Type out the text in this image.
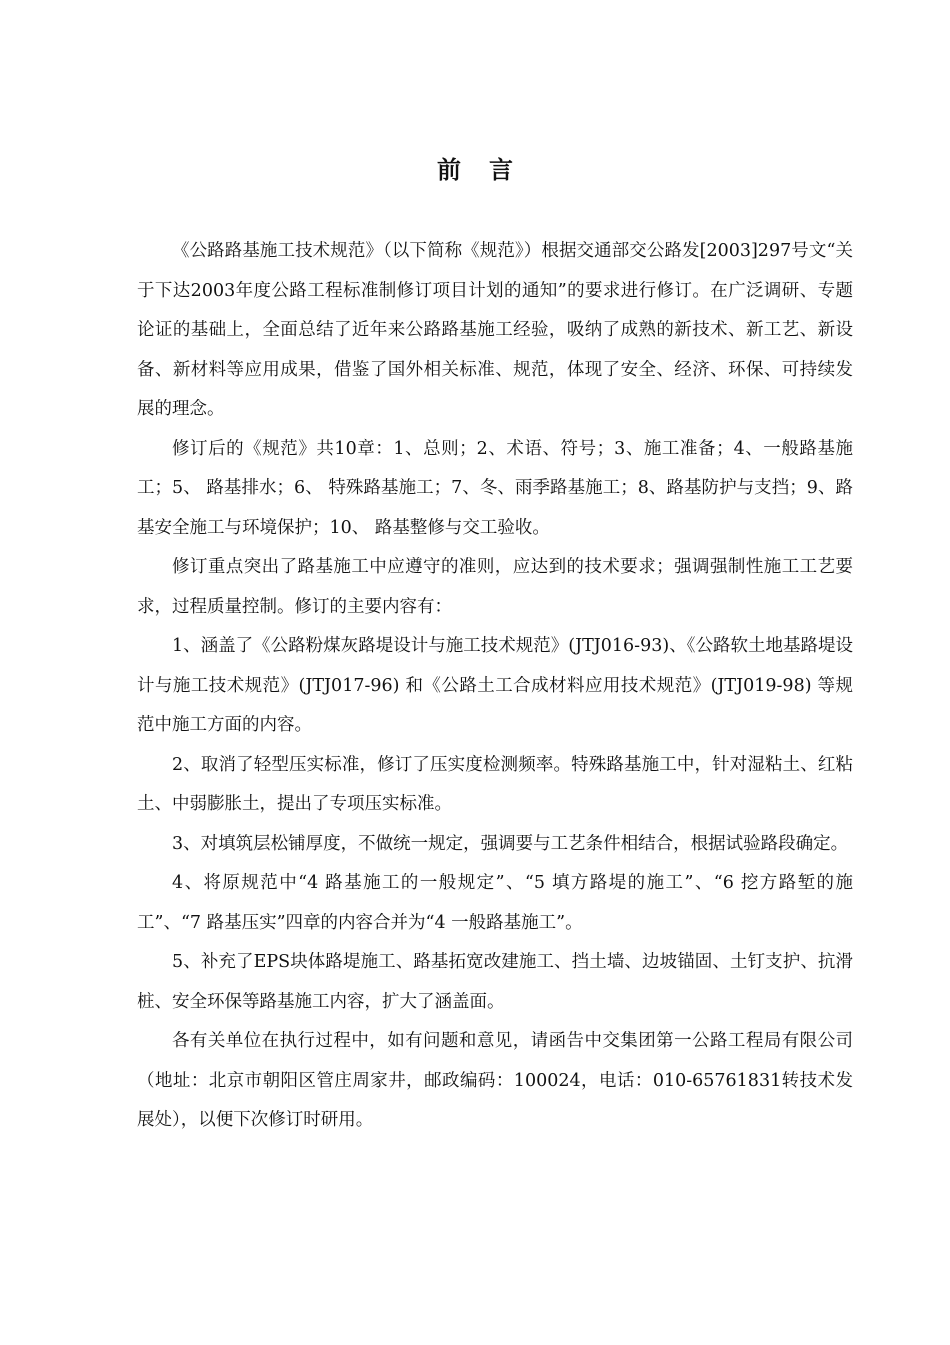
前言

《公路路基施工技术规范》（以下简称《规范》）根据交通部交公路发[2003]297号文“关于下达2003年度公路工程标准制修订项目计划的通知”的要求进行修订。在广泛调研、专题论证的基础上，全面总结了近年来公路路基施工经验，吸纳了成熟的新技术、新工艺、新设备、新材料等应用成果，借鉴了国外相关标准、规范，体现了安全、经济、环保、可持续发展的理念。

修订后的《规范》共10章：1、总则；2、术语、符号；3、施工准备；4、一般路基施工；5、 路基排水；6、 特殊路基施工；7、冬、雨季路基施工；8、路基防护与支挡；9、路基安全施工与环境保护；10、 路基整修与交工验收。

修订重点突出了路基施工中应遵守的准则，应达到的技术要求；强调强制性施工工艺要求，过程质量控制。修订的主要内容有：

1、涵盖了《公路粉煤灰路堤设计与施工技术规范》(JTJ016-93)、《公路软土地基路堤设计与施工技术规范》(JTJ017-96) 和《公路土工合成材料应用技术规范》(JTJ019-98) 等规范中施工方面的内容。

2、取消了轻型压实标准，修订了压实度检测频率。特殊路基施工中，针对湿粘土、红粘土、中弱膨胀土，提出了专项压实标准。

3、对填筑层松铺厚度，不做统一规定，强调要与工艺条件相结合，根据试验路段确定。

4、将原规范中“4 路基施工的一般规定”、“5 填方路堤的施工”、“6 挖方路堑的施工”、“7 路基压实”四章的内容合并为“4 一般路基施工”。

5、补充了EPS块体路堤施工、路基拓宽改建施工、挡土墙、边坡锚固、土钉支护、抗滑桩、安全环保等路基施工内容，扩大了涵盖面。

各有关单位在执行过程中，如有问题和意见，请函告中交集团第一公路工程局有限公司（地址：北京市朝阳区管庄周家井，邮政编码：100024，电话：010-65761831转技术发展处），以便下次修订时研用。
